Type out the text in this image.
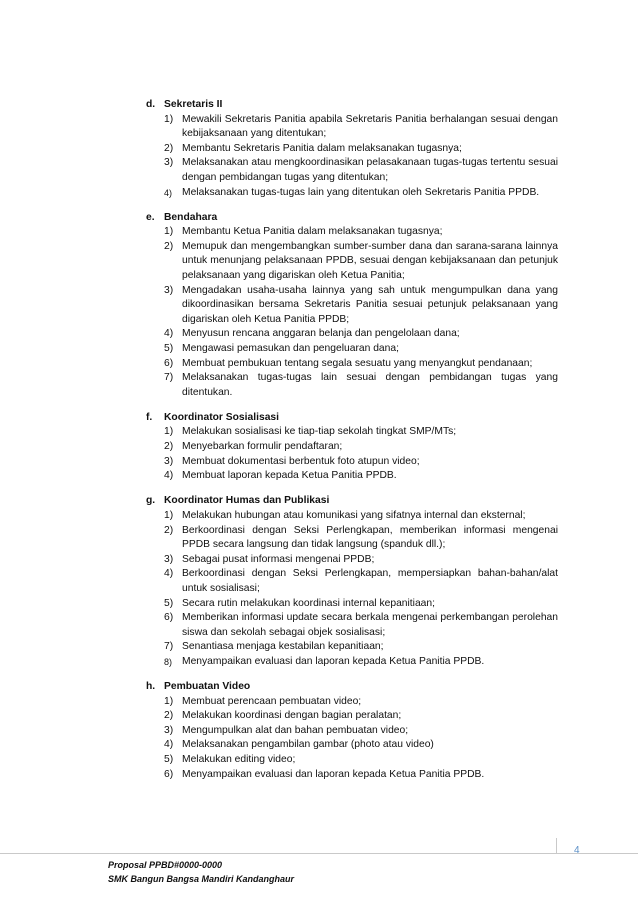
d. Sekretaris II
1) Mewakili Sekretaris Panitia apabila Sekretaris Panitia berhalangan sesuai dengan kebijaksanaan yang ditentukan;
2) Membantu Sekretaris Panitia dalam melaksanakan tugasnya;
3) Melaksanakan atau mengkoordinasikan pelasakanaan tugas-tugas tertentu sesuai dengan pembidangan tugas yang ditentukan;
4) Melaksanakan tugas-tugas lain yang ditentukan oleh Sekretaris Panitia PPDB.
e. Bendahara
1) Membantu Ketua Panitia dalam melaksanakan tugasnya;
2) Memupuk dan mengembangkan sumber-sumber dana dan sarana-sarana lainnya untuk menunjang pelaksanaan PPDB, sesuai dengan kebijaksanaan dan petunjuk pelaksanaan yang digariskan oleh Ketua Panitia;
3) Mengadakan usaha-usaha lainnya yang sah untuk mengumpulkan dana yang dikoordinasikan bersama Sekretaris Panitia sesuai petunjuk pelaksanaan yang digariskan oleh Ketua Panitia PPDB;
4) Menyusun rencana anggaran belanja dan pengelolaan dana;
5) Mengawasi pemasukan dan pengeluaran dana;
6) Membuat pembukuan tentang segala sesuatu yang menyangkut pendanaan;
7) Melaksanakan tugas-tugas lain sesuai dengan pembidangan tugas yang ditentukan.
f.	Koordinator Sosialisasi
1) Melakukan sosialisasi ke tiap-tiap sekolah tingkat SMP/MTs;
2) Menyebarkan formulir pendaftaran;
3) Membuat dokumentasi berbentuk foto atupun video;
4) Membuat laporan kepada Ketua Panitia PPDB.
g. Koordinator Humas dan Publikasi
1) Melakukan hubungan atau komunikasi yang sifatnya internal dan eksternal;
2) Berkoordinasi dengan Seksi Perlengkapan, memberikan informasi mengenai PPDB secara langsung dan tidak langsung (spanduk dll.);
3) Sebagai pusat informasi mengenai PPDB;
4) Berkoordinasi dengan Seksi Perlengkapan, mempersiapkan bahan-bahan/alat untuk sosialisasi;
5) Secara rutin melakukan koordinasi internal kepanitiaan;
6) Memberikan informasi update secara berkala mengenai perkembangan perolehan siswa dan sekolah sebagai objek sosialisasi;
7) Senantiasa menjaga kestabilan kepanitiaan;
8) Menyampaikan evaluasi dan laporan kepada Ketua Panitia PPDB.
h. Pembuatan Video
1) Membuat perencaan pembuatan video;
2) Melakukan koordinasi dengan bagian peralatan;
3) Mengumpulkan alat dan bahan pembuatan video;
4) Melaksanakan pengambilan gambar (photo atau video)
5) Melakukan editing video;
6) Menyampaikan evaluasi dan laporan kepada Ketua Panitia PPDB.
4
Proposal PPBD#0000-0000
SMK Bangun Bangsa Mandiri Kandanghaur
